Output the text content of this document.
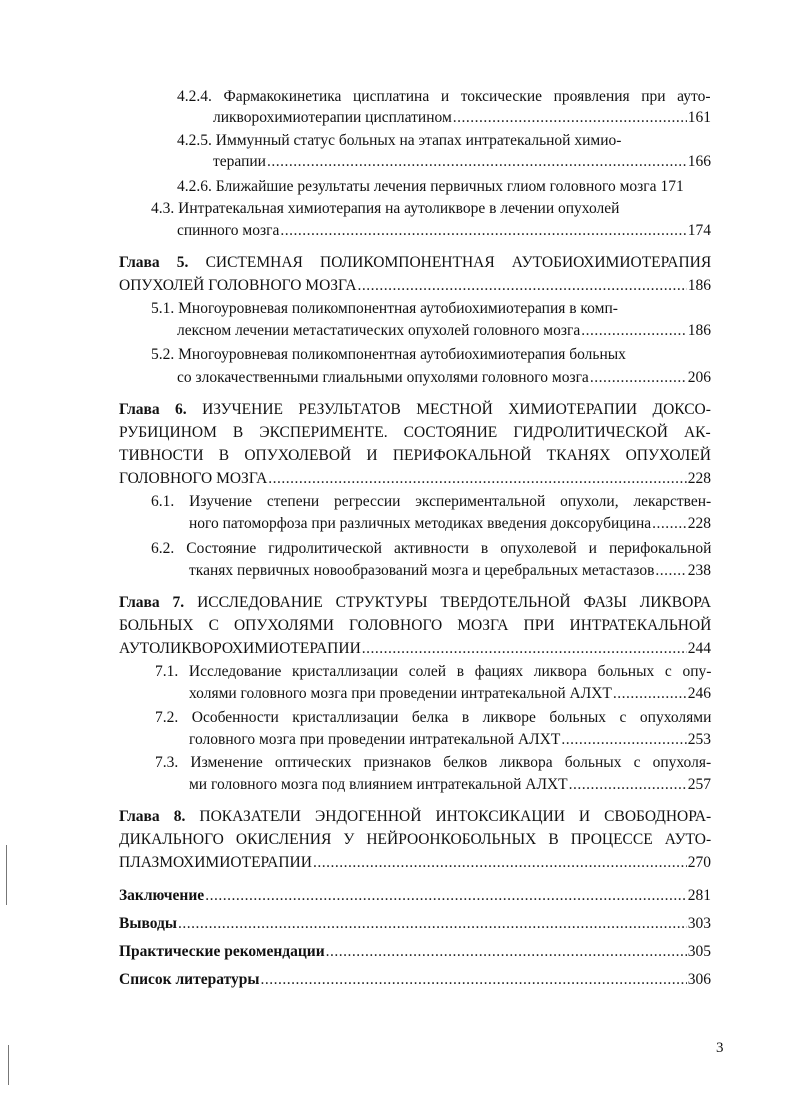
4.2.4. Фармакокинетика цисплатина и токсические проявления при ауто-
ликворохимиотерапии цисплатином .....	161
4.2.5. Иммунный статус больных на этапах интратекальной химио-
терапии .....	166
4.2.6. Ближайшие результаты лечения первичных глиом головного мозга 171
4.3. Интратекальная химиотерапия на аутоликворе в лечении опухолей
спинного мозга .....	174
Глава 5. СИСТЕМНАЯ ПОЛИКОМПОНЕНТНАЯ АУТОБИОХИМИОТЕРАПИЯ
ОПУХОЛЕЙ ГОЛОВНОГО МОЗГА .....	186
5.1. Многоуровневая поликомпонентная аутобиохимиотерапия в комп-
лексном лечении метастатических опухолей головного мозга .....	186
5.2. Многоуровневая поликомпонентная аутобиохимиотерапия больных
со злокачественными глиальными опухолями головного мозга .....	206
Глава 6. ИЗУЧЕНИЕ РЕЗУЛЬТАТОВ МЕСТНОЙ ХИМИОТЕРАПИИ ДОКСО-
РУБИЦИНОМ В ЭКСПЕРИМЕНТЕ. СОСТОЯНИЕ ГИДРОЛИТИЧЕСКОЙ АК-
ТИВНОСТИ В ОПУХОЛЕВОЙ И ПЕРИФОКАЛЬНОЙ ТКАНЯХ ОПУХОЛЕЙ
ГОЛОВНОГО МОЗГА .....	228
6.1. Изучение степени регрессии экспериментальной опухоли, лекарствен-
ного патоморфоза при различных методиках введения доксорубицина ..... 228
6.2. Состояние гидролитической активности в опухолевой и перифокальной
тканях первичных новообразований мозга и церебральных метастазов ..... 238
Глава 7. ИССЛЕДОВАНИЕ СТРУКТУРЫ ТВЕРДОТЕЛЬНОЙ ФАЗЫ ЛИКВОРА
БОЛЬНЫХ С ОПУХОЛЯМИ ГОЛОВНОГО МОЗГА ПРИ ИНТРАТЕКАЛЬНОЙ
АУТОЛИКВОРОХИМИОТЕРАПИИ .....	244
7.1. Исследование кристаллизации солей в фациях ликвора больных с опу-
холями головного мозга при проведении интратекальной АЛХТ .....	246
7.2. Особенности кристаллизации белка в ликворе больных с опухолями
головного мозга при проведении интратекальной АЛХТ .....	253
7.3. Изменение оптических признаков белков ликвора больных с опухоля-
ми головного мозга под влиянием интратекальной АЛХТ .....	257
Глава 8. ПОКАЗАТЕЛИ ЭНДОГЕННОЙ ИНТОКСИКАЦИИ И СВОБОДНОРА-
ДИКАЛЬНОГО ОКИСЛЕНИЯ У НЕЙРООНКОБОЛЬНЫХ В ПРОЦЕССЕ АУТО-
ПЛАЗМОХИМИОТЕРАПИИ .....	270
Заключение .....	281
Выводы .....	303
Практические рекомендации .....	305
Список литературы .....	306
3
